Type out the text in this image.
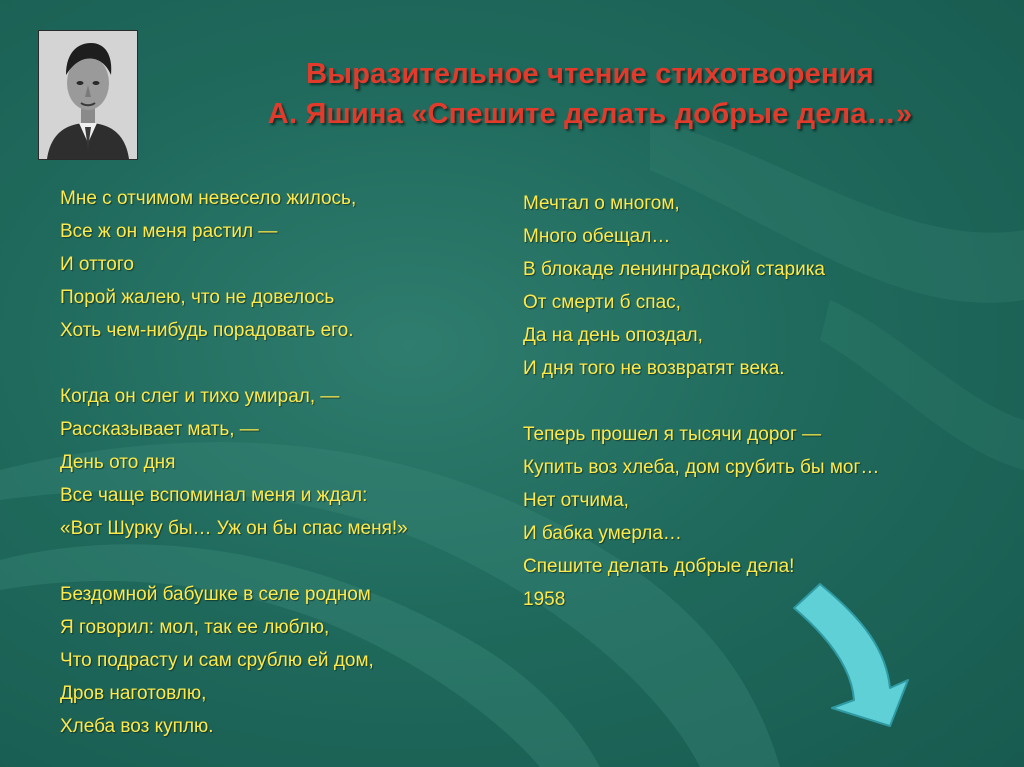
Выразительное чтение стихотворения
А. Яшина «Спешите делать добрые дела…»
Мне с отчимом невесело жилось,
Все ж он меня растил —
И оттого
Порой жалею, что не довелось
Хоть чем-нибудь порадовать его.
Когда он слег и тихо умирал, —
Рассказывает мать, —
День ото дня
Все чаще вспоминал меня и ждал:
«Вот Шурку бы… Уж он бы спас меня!»
Бездомной бабушке в селе родном
Я говорил: мол, так ее люблю,
Что подрасту и сам срублю ей дом,
Дров наготовлю,
Хлеба воз куплю.
Мечтал о многом,
Много обещал…
В блокаде ленинградской старика
От смерти б спас,
Да на день опоздал,
И дня того не возвратят века.
Теперь прошел я тысячи дорог —
Купить воз хлеба, дом срубить бы мог…
Нет отчима,
И бабка умерла…
Спешите делать добрые дела!
1958
